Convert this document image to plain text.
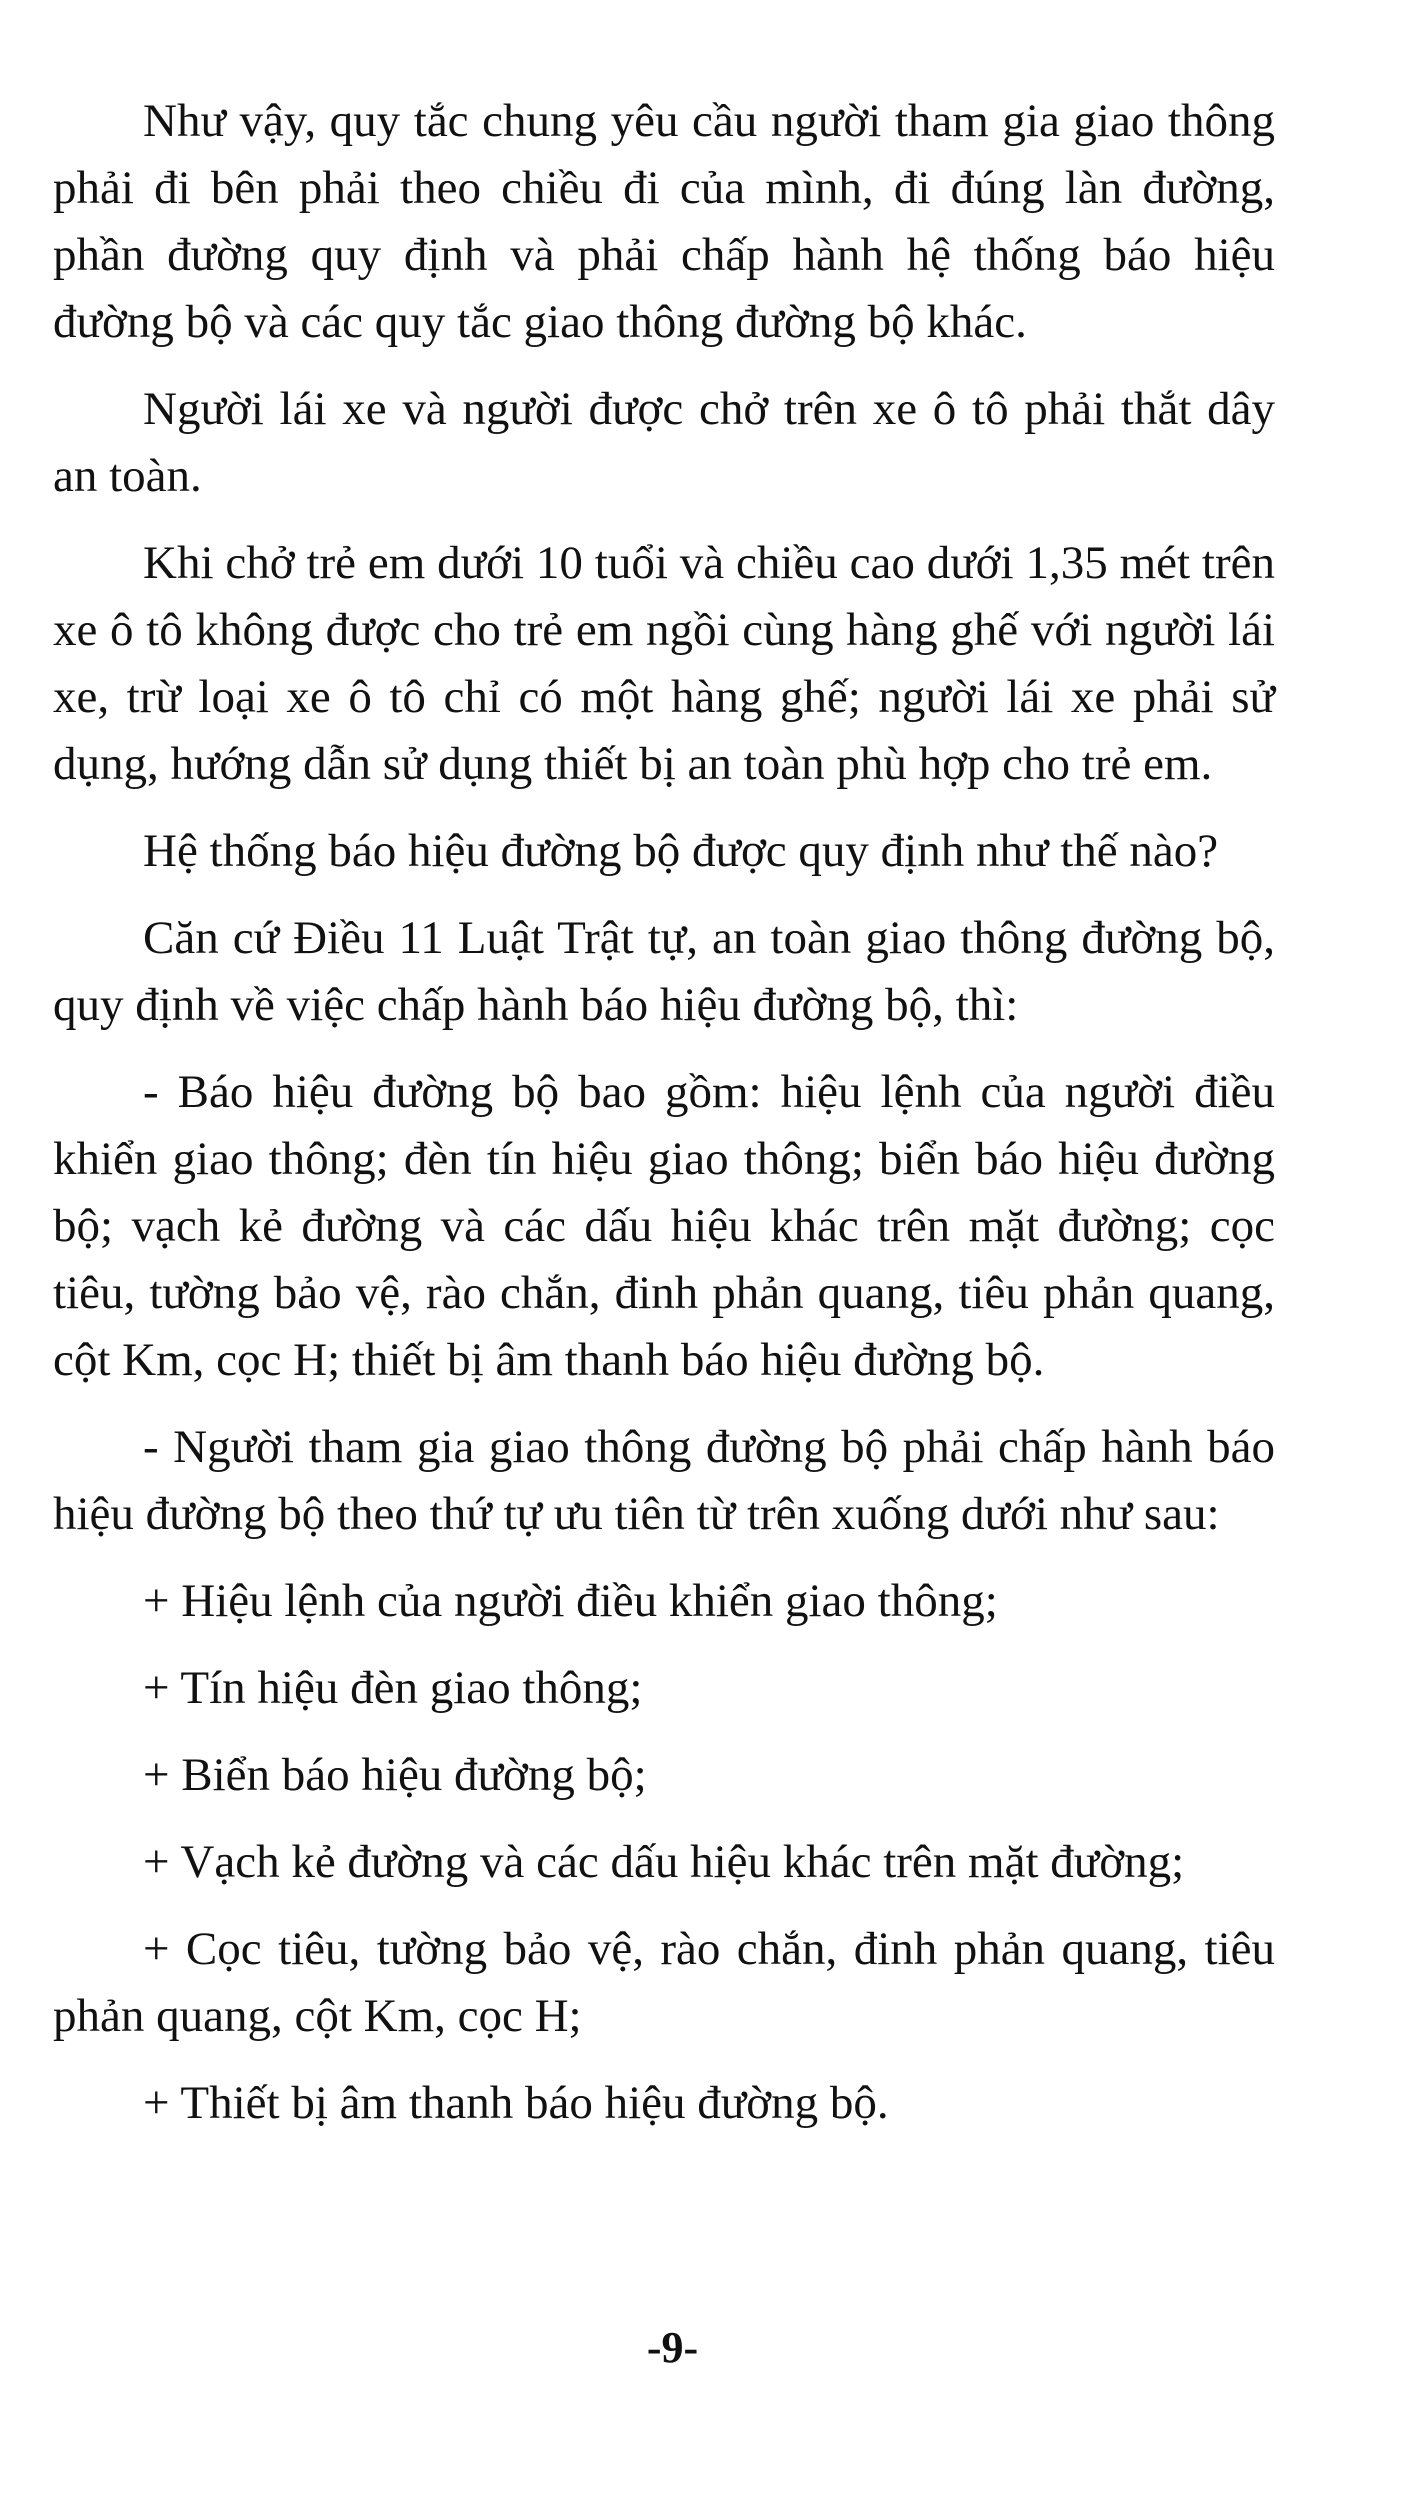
Như vậy, quy tắc chung yêu cầu người tham gia giao thông phải đi bên phải theo chiều đi của mình, đi đúng làn đường, phần đường quy định và phải chấp hành hệ thống báo hiệu đường bộ và các quy tắc giao thông đường bộ khác.

Người lái xe và người được chở trên xe ô tô phải thắt dây an toàn.

Khi chở trẻ em dưới 10 tuổi và chiều cao dưới 1,35 mét trên xe ô tô không được cho trẻ em ngồi cùng hàng ghế với người lái xe, trừ loại xe ô tô chỉ có một hàng ghế; người lái xe phải sử dụng, hướng dẫn sử dụng thiết bị an toàn phù hợp cho trẻ em.

Hệ thống báo hiệu đường bộ được quy định như thế nào?

Căn cứ Điều 11 Luật Trật tự, an toàn giao thông đường bộ, quy định về việc chấp hành báo hiệu đường bộ, thì:

- Báo hiệu đường bộ bao gồm: hiệu lệnh của người điều khiển giao thông; đèn tín hiệu giao thông; biển báo hiệu đường bộ; vạch kẻ đường và các dấu hiệu khác trên mặt đường; cọc tiêu, tường bảo vệ, rào chắn, đinh phản quang, tiêu phản quang, cột Km, cọc H; thiết bị âm thanh báo hiệu đường bộ.

- Người tham gia giao thông đường bộ phải chấp hành báo hiệu đường bộ theo thứ tự ưu tiên từ trên xuống dưới như sau:

+ Hiệu lệnh của người điều khiển giao thông;

+ Tín hiệu đèn giao thông;

+ Biển báo hiệu đường bộ;

+ Vạch kẻ đường và các dấu hiệu khác trên mặt đường;

+ Cọc tiêu, tường bảo vệ, rào chắn, đinh phản quang, tiêu phản quang, cột Km, cọc H;

+ Thiết bị âm thanh báo hiệu đường bộ.

-9-
